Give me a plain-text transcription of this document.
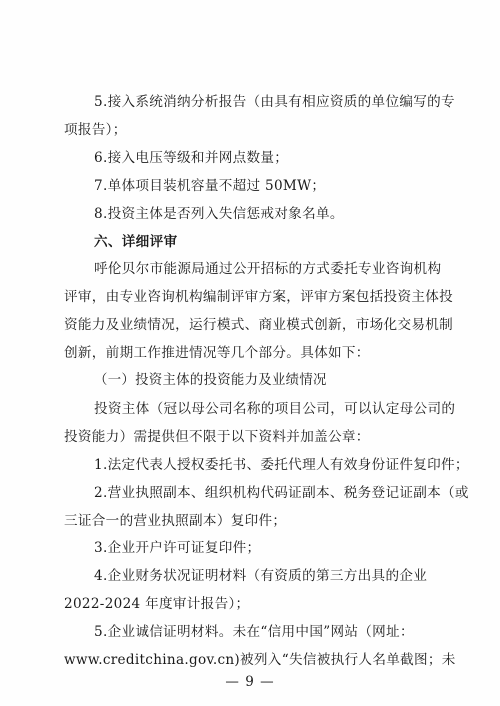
5.接入系统消纳分析报告（由具有相应资质的单位编写的专
项报告）；
6.接入电压等级和并网点数量；
7.单体项目装机容量不超过 50MW；
8.投资主体是否列入失信惩戒对象名单。
六、详细评审
呼伦贝尔市能源局通过公开招标的方式委托专业咨询机构
评审，由专业咨询机构编制评审方案，评审方案包括投资主体投
资能力及业绩情况，运行模式、商业模式创新，市场化交易机制
创新，前期工作推进情况等几个部分。具体如下：
（一）投资主体的投资能力及业绩情况
投资主体（冠以母公司名称的项目公司，可以认定母公司的
投资能力）需提供但不限于以下资料并加盖公章：
1.法定代表人授权委托书、委托代理人有效身份证件复印件；
2.营业执照副本、组织机构代码证副本、税务登记证副本（或
三证合一的营业执照副本）复印件；
3.企业开户许可证复印件；
4.企业财务状况证明材料（有资质的第三方出具的企业
— 9 —
2022-2024 年度审计报告）；
5.企业诚信证明材料。未在“信用中国”网站（网址：
www.creditchina.gov.cn)被列入“失信被执行人名单截图；未
